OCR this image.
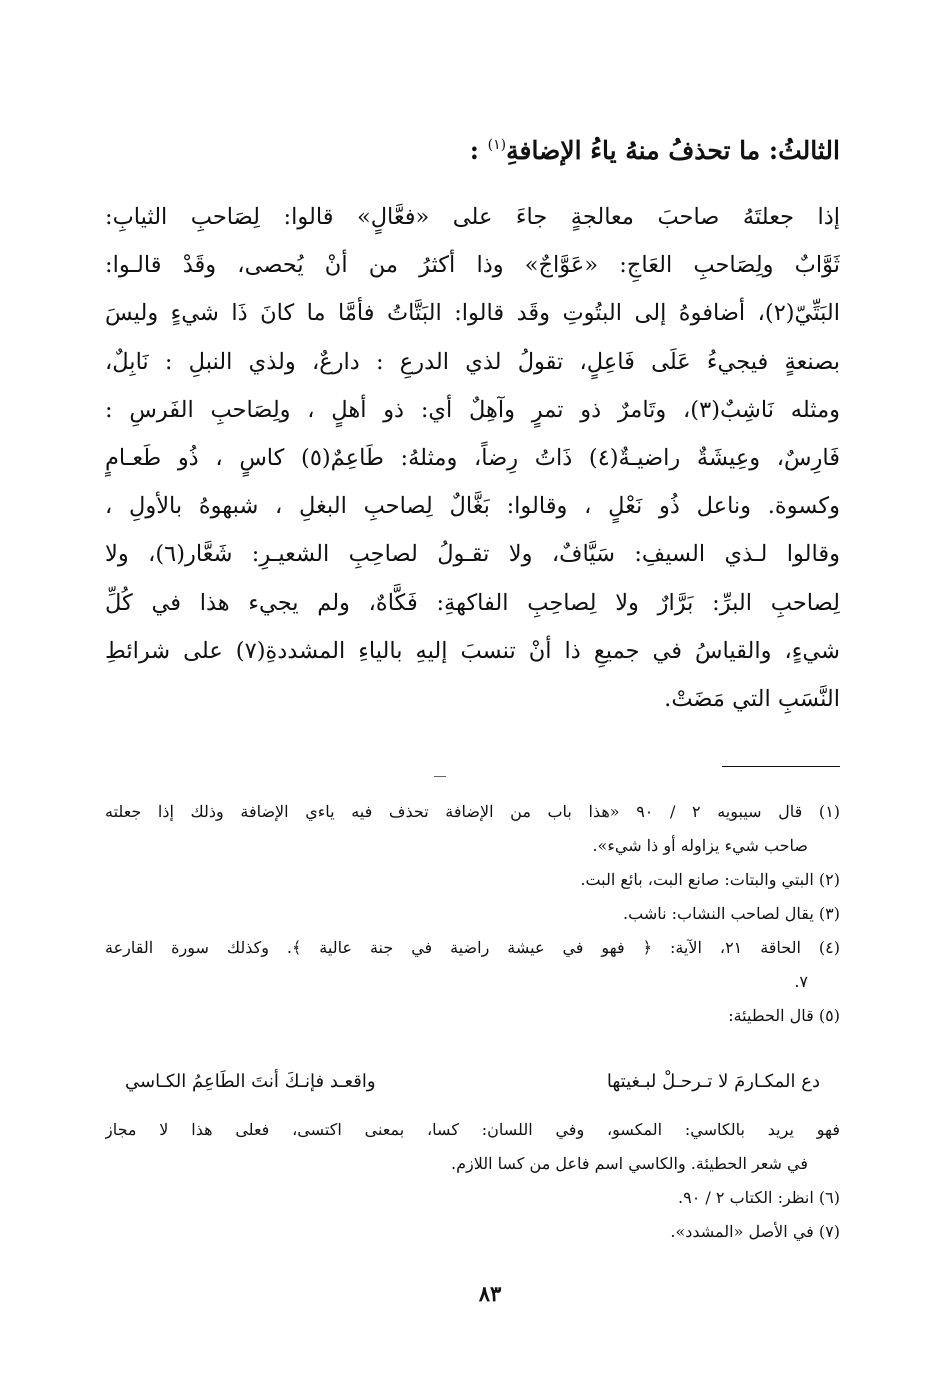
الثالثُ: ما تحذفُ منهُ ياءُ الإضافةِ$^{(١)}$ :
إذا جعلتَهُ صاحبَ معالجةٍ جاءَ على «فعَّالٍ» قالوا: لِصَاحبِ الثيابِ:
ثَوَّابٌ ولِصَاحبِ العَاجِ: «عَوَّاجٌ» وذا أكثرُ من أنْ يُحصى، وقَدْ قالـوا:
البَتِّيّ(٢)، أضافوهُ إلى البتُوتِ وقَد قالوا: البَتَّاتُ فأمَّا ما كانَ ذَا شيءٍ وليسَ
بصنعةٍ فيجيءُ عَلَى فَاعِلٍ، تقولُ لذي الدرعِ : دارعٌ، ولذي النبلِ : نَابِلٌ،
ومثله نَاشِبٌ(٣)، وتَامرٌ ذو تمرٍ وآهِلٌ أي: ذو أهلٍ ، ولِصَاحبِ الفَرسِ :
فَارِسٌ، وعِيشَةٌ راضيـةٌ(٤) ذَاتُ رِضاً، ومثلهُ: طَاعِمٌ(٥) كاسٍ ، ذُو طَعـامٍ
وكسوة. وناعل ذُو نَعْلٍ ، وقالوا: بَغَّالٌ لِصاحبِ البغلِ ، شبهوهُ بالأولِ ،
وقالوا لـذي السيفِ: سَيَّافٌ، ولا تقـولُ لصاحِبِ الشعيـرِ: شَعَّار(٦)، ولا
لِصاحبِ البرِّ: بَرَّارٌ ولا لِصاحِبِ الفاكهةِ: فَكَّاهٌ، ولم يجيء هذا في كُلِّ
شيءٍ، والقياسُ في جميعِ ذا أنْ تنسبَ إليهِ بالياءِ المشددةِ(٧) على شرائطِ
النَّسَبِ التي مَضَتْ.
(١) قال سيبويه ٢ / ٩٠ «هذا باب من الإضافة تحذف فيه ياءي الإضافة وذلك إذا جعلته
صاحب شيء يزاوله أو ذا شيء».
(٢) البتي والبتات: صانع البت، بائع البت.
(٣) يقال لصاحب النشاب: ناشب.
(٤) الحاقة ٢١، الآية: ﴿ فهو في عيشة راضية في جنة عالية ﴾. وكذلك سورة القارعة
٧.
(٥) قال الحطيئة:
دع المكـارمَ لا تـرحـلْ لبـغيتها
واقعـد فإنـكَ أنتَ الطَاعِمُ الكـاسي
فهو يريد بالكاسي: المكسو، وفي اللسان: كسا، بمعنى اكتسى، فعلى هذا لا مجاز
في شعر الحطيئة. والكاسي اسم فاعل من كسا اللازم.
(٦) انظر: الكتاب ٢ / ٩٠.
(٧) في الأصل «المشدد».
٨٣
